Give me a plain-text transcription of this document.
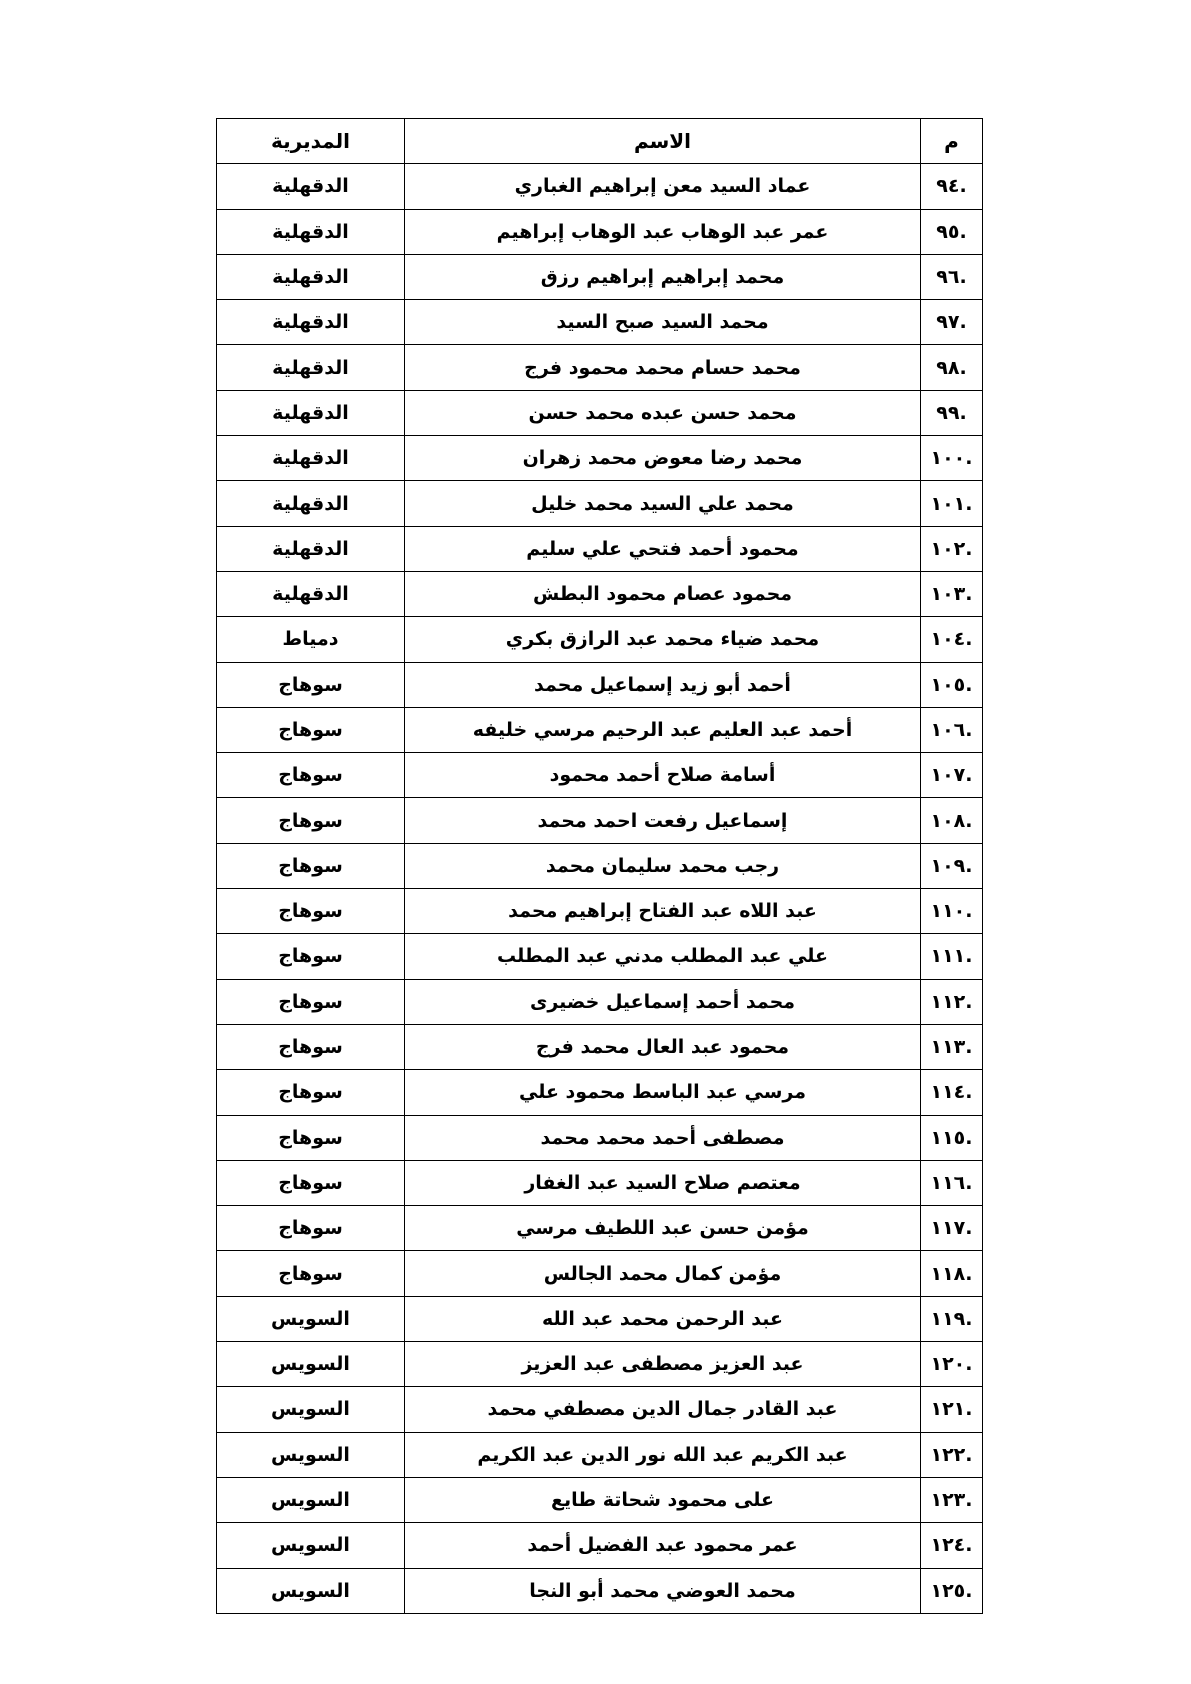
م	الاسم	المديرية
.٩٤	عماد السيد معن إبراهيم الغباري	الدقهلية
.٩٥	عمر عبد الوهاب عبد الوهاب إبراهيم	الدقهلية
.٩٦	محمد إبراهيم إبراهيم رزق	الدقهلية
.٩٧	محمد السيد صبح السيد	الدقهلية
.٩٨	محمد حسام محمد محمود فرج	الدقهلية
.٩٩	محمد حسن عبده محمد حسن	الدقهلية
.١٠٠	محمد رضا معوض محمد زهران	الدقهلية
.١٠١	محمد علي السيد محمد خليل	الدقهلية
.١٠٢	محمود أحمد فتحي علي سليم	الدقهلية
.١٠٣	محمود عصام محمود البطش	الدقهلية
.١٠٤	محمد ضياء محمد عبد الرازق بكري	دمياط
.١٠٥	أحمد أبو زيد إسماعيل محمد	سوهاج
.١٠٦	أحمد عبد العليم عبد الرحيم مرسي خليفه	سوهاج
.١٠٧	أسامة صلاح أحمد محمود	سوهاج
.١٠٨	إسماعيل رفعت احمد محمد	سوهاج
.١٠٩	رجب محمد سليمان محمد	سوهاج
.١١٠	عبد اللاه عبد الفتاح إبراهيم محمد	سوهاج
.١١١	علي عبد المطلب مدني عبد المطلب	سوهاج
.١١٢	محمد أحمد إسماعيل خضيرى	سوهاج
.١١٣	محمود عبد العال محمد فرج	سوهاج
.١١٤	مرسي عبد الباسط محمود علي	سوهاج
.١١٥	مصطفى أحمد محمد محمد	سوهاج
.١١٦	معتصم صلاح السيد عبد الغفار	سوهاج
.١١٧	مؤمن حسن عبد اللطيف مرسي	سوهاج
.١١٨	مؤمن كمال محمد الجالس	سوهاج
.١١٩	عبد الرحمن محمد عبد الله	السويس
.١٢٠	عبد العزيز مصطفى عبد العزيز	السويس
.١٢١	عبد القادر جمال الدين مصطفي محمد	السويس
.١٢٢	عبد الكريم عبد الله نور الدين عبد الكريم	السويس
.١٢٣	على محمود شحاتة طايع	السويس
.١٢٤	عمر محمود عبد الفضيل أحمد	السويس
.١٢٥	محمد العوضي محمد أبو النجا	السويس
